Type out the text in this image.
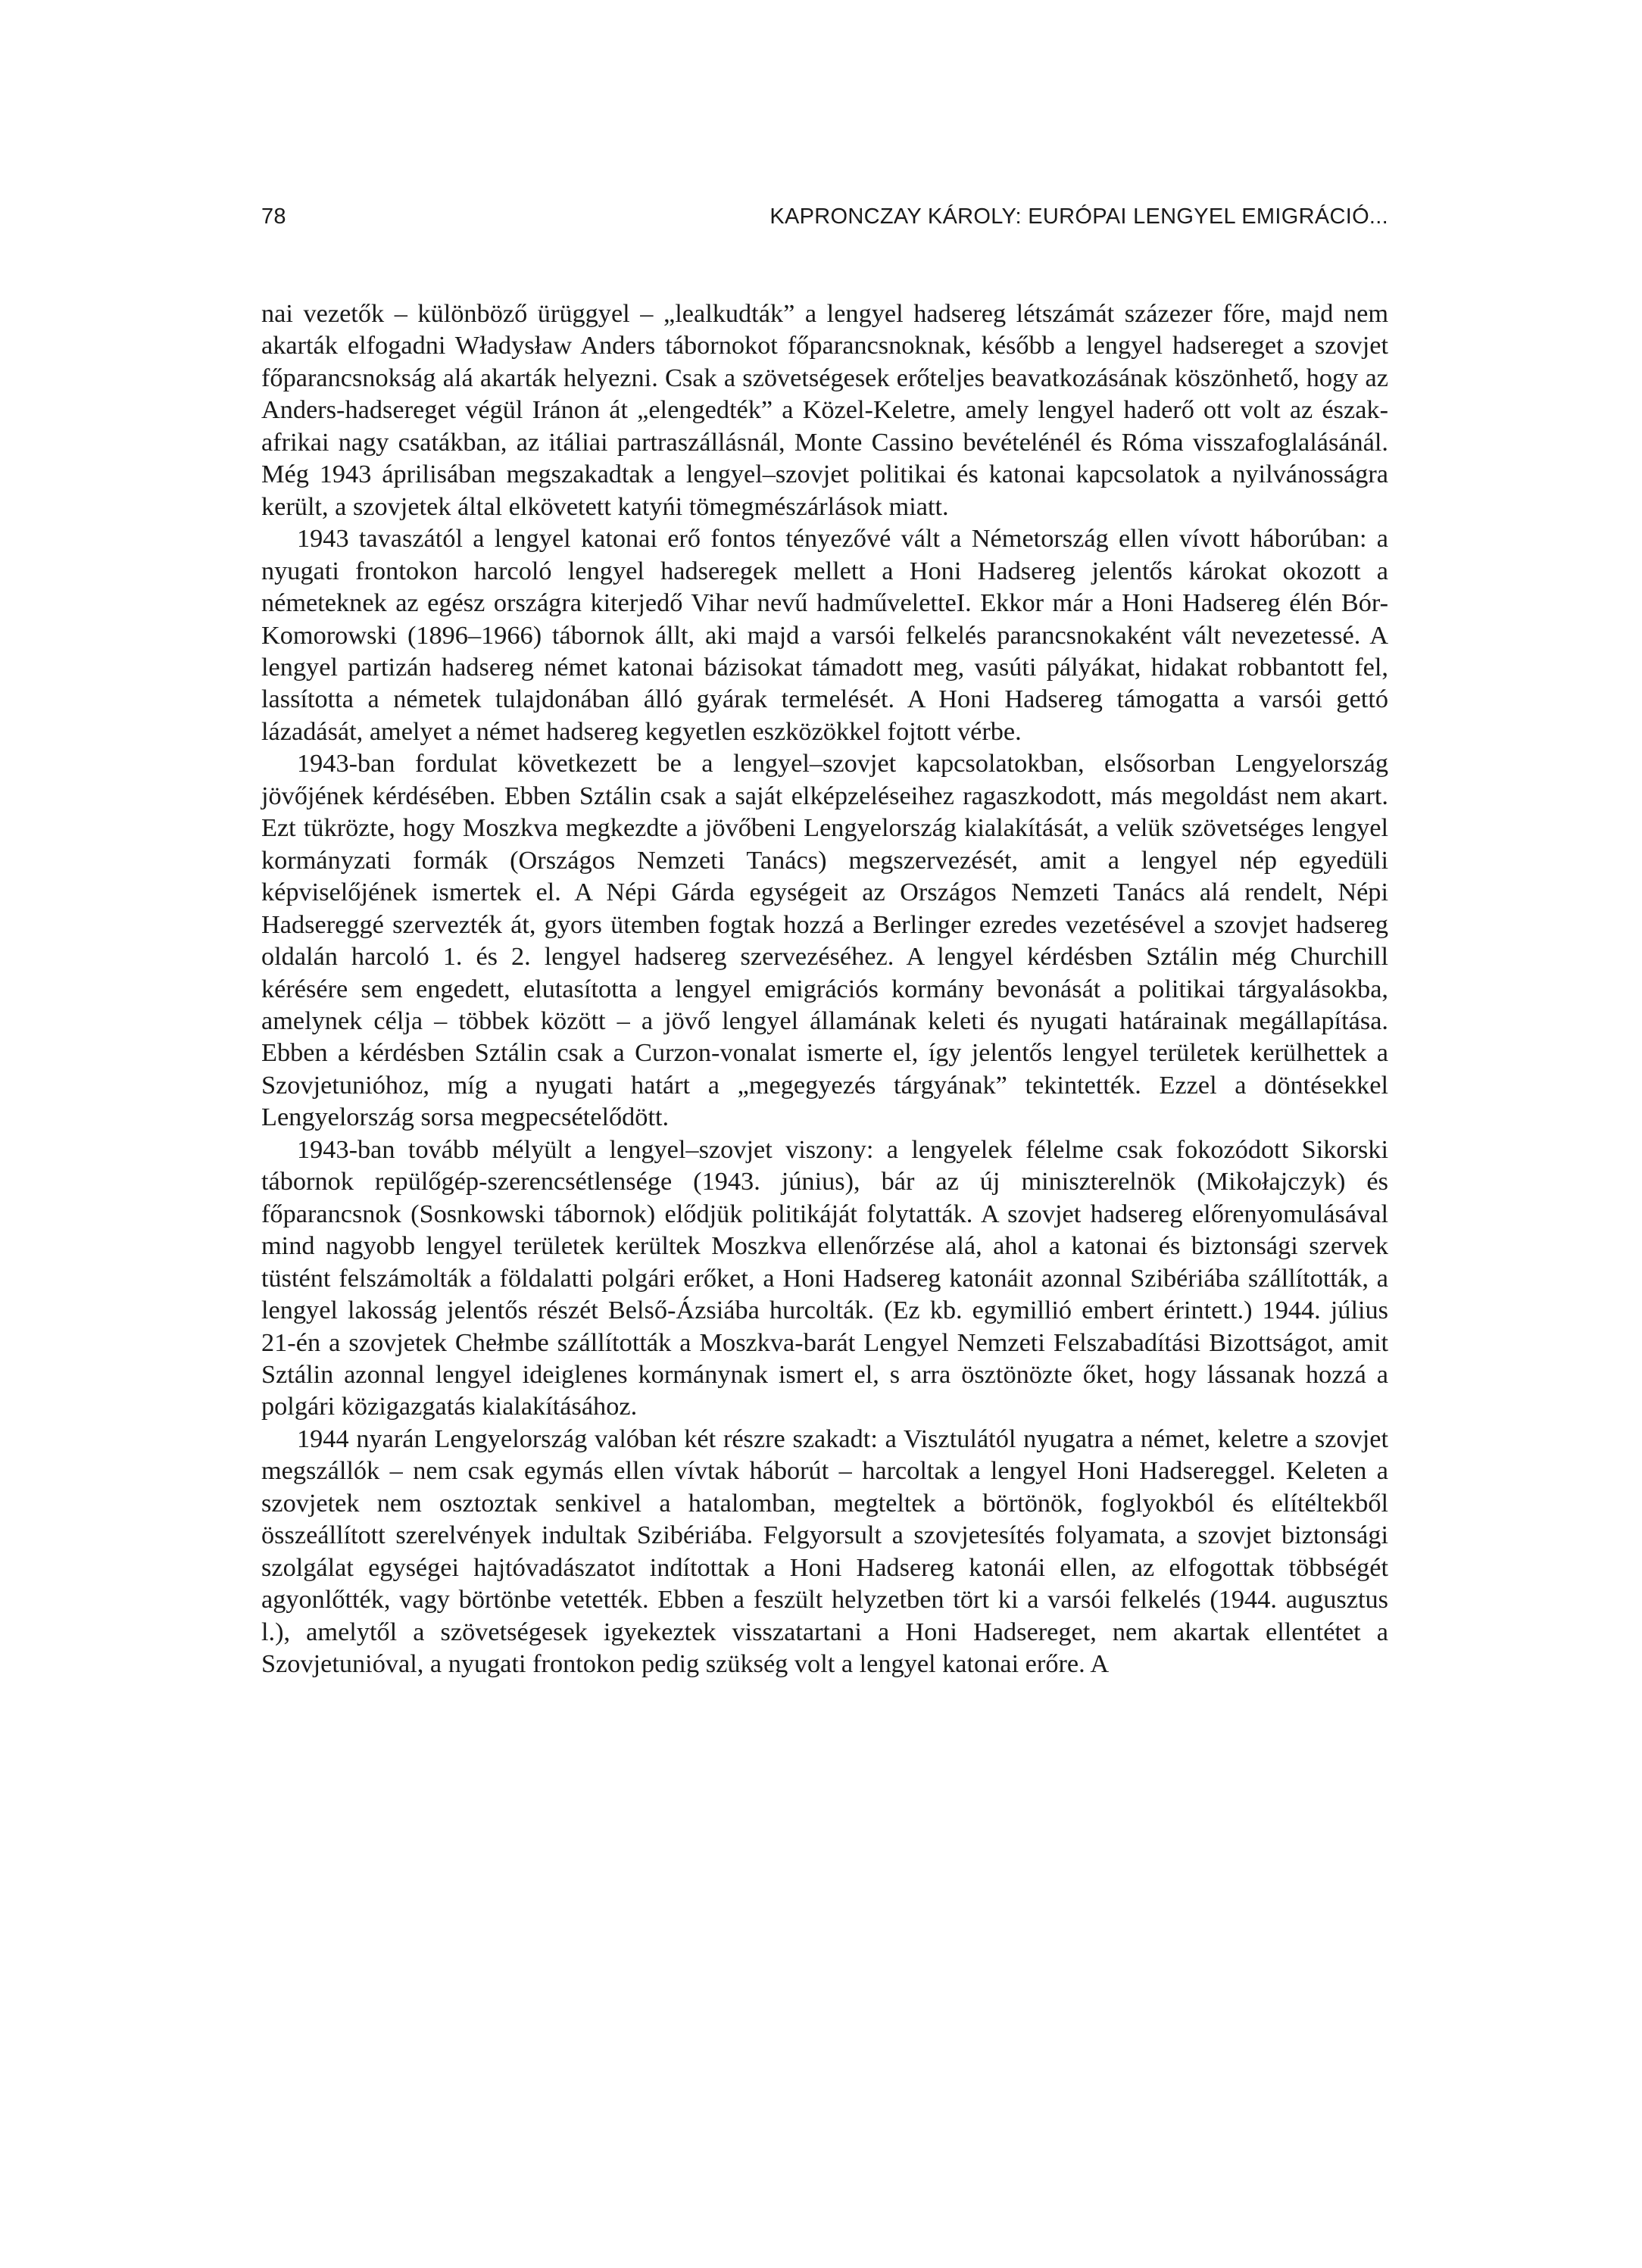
78	KAPRONCZAY KÁROLY: EURÓPAI LENGYEL EMIGRÁCIÓ...

nai vezetők – különböző ürüggyel – „lealkudták” a lengyel hadsereg létszámát százezer főre, majd nem akarták elfogadni Władysław Anders tábornokot főparancsnoknak, később a lengyel hadsereget a szovjet főparancsnokság alá akarták helyezni. Csak a szövetségesek erőteljes beavatkozásának köszönhető, hogy az Anders-hadsereget végül Iránon át „elengedték” a Közel-Keletre, amely lengyel haderő ott volt az észak-afrikai nagy csatákban, az itáliai partraszállásnál, Monte Cassino bevételénél és Róma visszafoglalásánál. Még 1943 áprilisában megszakadtak a lengyel–szovjet politikai és katonai kapcsolatok a nyilvánosságra került, a szovjetek által elkövetett katyńi tömegmészárlások miatt.

1943 tavaszától a lengyel katonai erő fontos tényezővé vált a Németország ellen vívott háborúban: a nyugati frontokon harcoló lengyel hadseregek mellett a Honi Hadsereg jelentős károkat okozott a németeknek az egész országra kiterjedő Vihar nevű hadműveletteI. Ekkor már a Honi Hadsereg élén Bór-Komorowski (1896–1966) tábornok állt, aki majd a varsói felkelés parancsnokaként vált nevezetessé. A lengyel partizán hadsereg német katonai bázisokat támadott meg, vasúti pályákat, hidakat robbantott fel, lassította a németek tulajdonában álló gyárak termelését. A Honi Hadsereg támogatta a varsói gettó lázadását, amelyet a német hadsereg kegyetlen eszközökkel fojtott vérbe.

1943-ban fordulat következett be a lengyel–szovjet kapcsolatokban, elsősorban Lengyelország jövőjének kérdésében. Ebben Sztálin csak a saját elképzeléseihez ragaszkodott, más megoldást nem akart. Ezt tükrözte, hogy Moszkva megkezdte a jövőbeni Lengyelország kialakítását, a velük szövetséges lengyel kormányzati formák (Országos Nemzeti Tanács) megszervezését, amit a lengyel nép egyedüli képviselőjének ismertek el. A Népi Gárda egységeit az Országos Nemzeti Tanács alá rendelt, Népi Hadsereggé szervezték át, gyors ütemben fogtak hozzá a Berlinger ezredes vezetésével a szovjet hadsereg oldalán harcoló 1. és 2. lengyel hadsereg szervezéséhez. A lengyel kérdésben Sztálin még Churchill kérésére sem engedett, elutasította a lengyel emigrációs kormány bevonását a politikai tárgyalásokba, amelynek célja – többek között – a jövő lengyel államának keleti és nyugati határainak megállapítása. Ebben a kérdésben Sztálin csak a Curzon-vonalat ismerte el, így jelentős lengyel területek kerülhettek a Szovjetunióhoz, míg a nyugati határt a „megegyezés tárgyának” tekintették. Ezzel a döntésekkel Lengyelország sorsa megpecsételődött.

1943-ban tovább mélyült a lengyel–szovjet viszony: a lengyelek félelme csak fokozódott Sikorski tábornok repülőgép-szerencsétlensége (1943. június), bár az új miniszterelnök (Mikołajczyk) és főparancsnok (Sosnkowski tábornok) elődjük politikáját folytatták. A szovjet hadsereg előrenyomulásával mind nagyobb lengyel területek kerültek Moszkva ellenőrzése alá, ahol a katonai és biztonsági szervek tüstént felszámolták a földalatti polgári erőket, a Honi Hadsereg katonáit azonnal Szibériába szállították, a lengyel lakosság jelentős részét Belső-Ázsiába hurcolták. (Ez kb. egymillió embert érintett.) 1944. július 21-én a szovjetek Chełmbe szállították a Moszkva-barát Lengyel Nemzeti Felszabadítási Bizottságot, amit Sztálin azonnal lengyel ideiglenes kormánynak ismert el, s arra ösztönözte őket, hogy lássanak hozzá a polgári közigazgatás kialakításához.

1944 nyarán Lengyelország valóban két részre szakadt: a Visztulától nyugatra a német, keletre a szovjet megszállók – nem csak egymás ellen vívtak háborút – harcoltak a lengyel Honi Hadsereggel. Keleten a szovjetek nem osztoztak senkivel a hatalomban, megteltek a börtönök, foglyokból és elítéltekből összeállított szerelvények indultak Szibériába. Felgyorsult a szovjetesítés folyamata, a szovjet biztonsági szolgálat egységei hajtóvadászatot indítottak a Honi Hadsereg katonái ellen, az elfogottak többségét agyonlőtték, vagy börtönbe vetették. Ebben a feszült helyzetben tört ki a varsói felkelés (1944. augusztus l.), amelytől a szövetségesek igyekeztek visszatartani a Honi Hadsereget, nem akartak ellentétet a Szovjetunióval, a nyugati frontokon pedig szükség volt a lengyel katonai erőre. A
